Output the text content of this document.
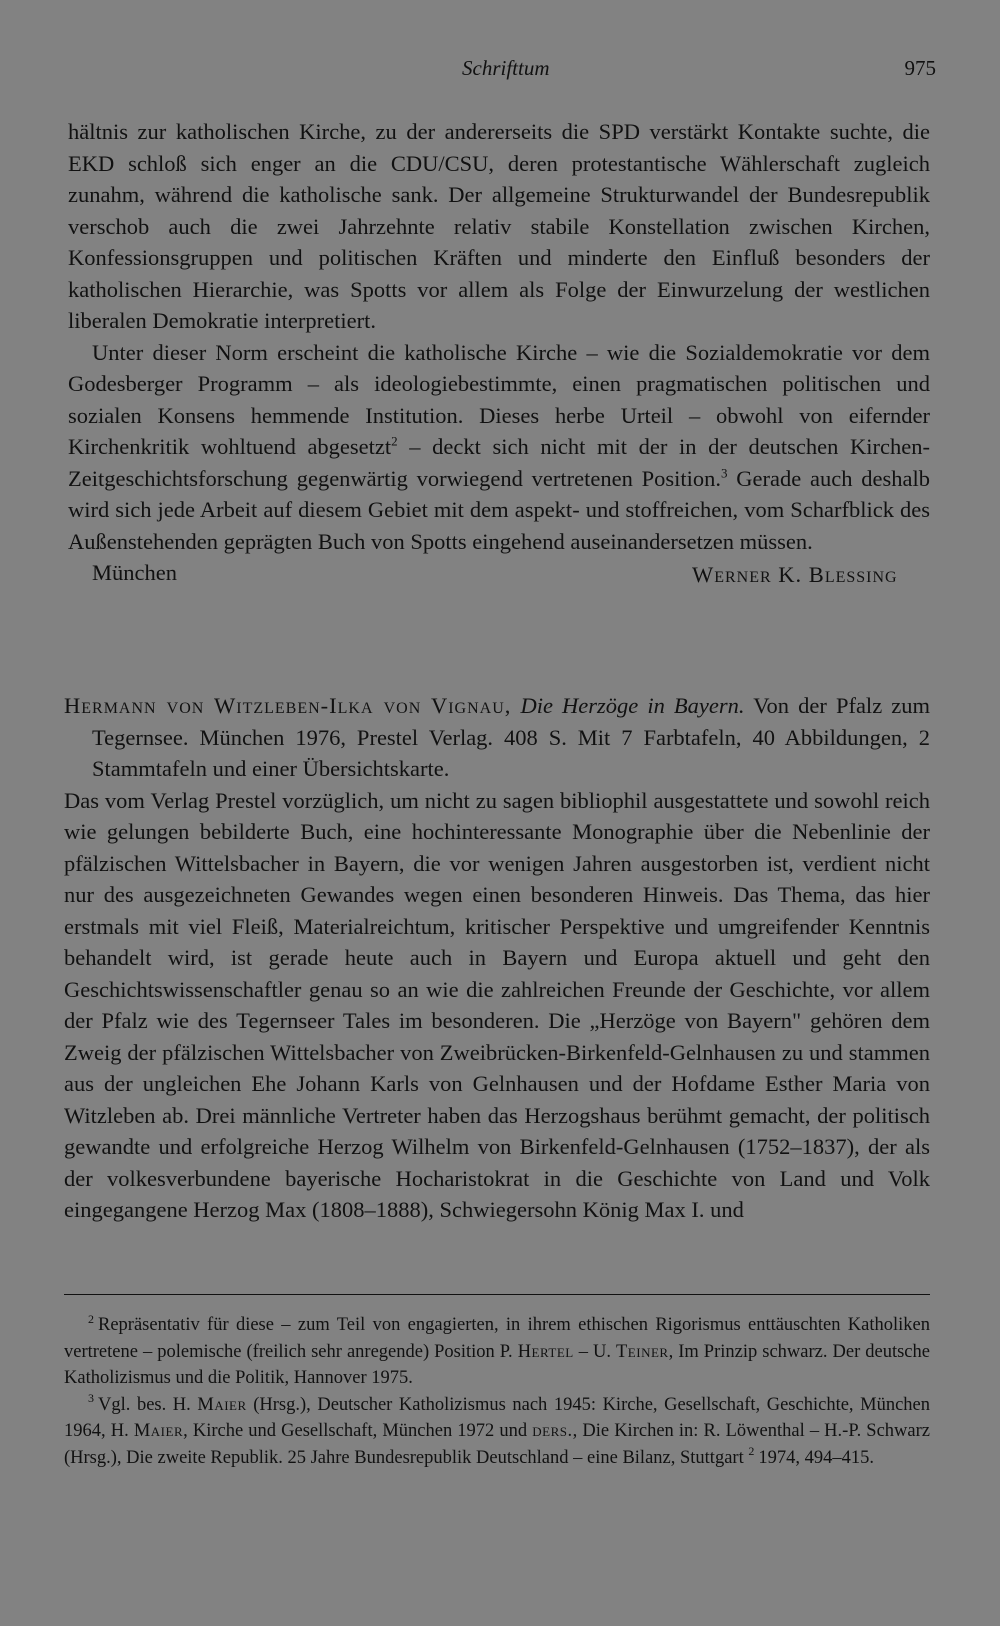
Schrifttum	975

hältnis zur katholischen Kirche, zu der andererseits die SPD verstärkt Kontakte suchte, die EKD schloß sich enger an die CDU/CSU, deren protestantische Wählerschaft zugleich zunahm, während die katholische sank. Der allgemeine Strukturwandel der Bundesrepublik verschob auch die zwei Jahrzehnte relativ stabile Konstellation zwischen Kirchen, Konfessionsgruppen und politischen Kräften und minderte den Einfluß besonders der katholischen Hierarchie, was Spotts vor allem als Folge der Einwurzelung der westlichen liberalen Demokratie interpretiert.

Unter dieser Norm erscheint die katholische Kirche – wie die Sozialdemokratie vor dem Godesberger Programm – als ideologiebestimmte, einen pragmatischen politischen und sozialen Konsens hemmende Institution. Dieses herbe Urteil – obwohl von eifernder Kirchenkritik wohltuend abgesetzt$^2$ – deckt sich nicht mit der in der deutschen Kirchen-Zeitgeschichtsforschung gegenwärtig vorwiegend vertretenen Position.$^3$ Gerade auch deshalb wird sich jede Arbeit auf diesem Gebiet mit dem aspekt- und stoffreichen, vom Scharfblick des Außenstehenden geprägten Buch von Spotts eingehend auseinandersetzen müssen.

München	Werner K. Blessing

Hermann von Witzleben-Ilka von Vignau, Die Herzöge in Bayern. Von der Pfalz zum Tegernsee. München 1976, Prestel Verlag. 408 S. Mit 7 Farbtafeln, 40 Abbildungen, 2 Stammtafeln und einer Übersichtskarte.

Das vom Verlag Prestel vorzüglich, um nicht zu sagen bibliophil ausgestattete und sowohl reich wie gelungen bebilderte Buch, eine hochinteressante Monographie über die Nebenlinie der pfälzischen Wittelsbacher in Bayern, die vor wenigen Jahren ausgestorben ist, verdient nicht nur des ausgezeichneten Gewandes wegen einen besonderen Hinweis. Das Thema, das hier erstmals mit viel Fleiß, Materialreichtum, kritischer Perspektive und umgreifender Kenntnis behandelt wird, ist gerade heute auch in Bayern und Europa aktuell und geht den Geschichtswissenschaftler genau so an wie die zahlreichen Freunde der Geschichte, vor allem der Pfalz wie des Tegernseer Tales im besonderen. Die „Herzöge von Bayern" gehören dem Zweig der pfälzischen Wittelsbacher von Zweibrücken-Birkenfeld-Gelnhausen zu und stammen aus der ungleichen Ehe Johann Karls von Gelnhausen und der Hofdame Esther Maria von Witzleben ab. Drei männliche Vertreter haben das Herzogshaus berühmt gemacht, der politisch gewandte und erfolgreiche Herzog Wilhelm von Birkenfeld-Gelnhausen (1752–1837), der als der volkesverbundene bayerische Hocharistokrat in die Geschichte von Land und Volk eingegangene Herzog Max (1808–1888), Schwiegersohn König Max I. und

$^2$ Repräsentativ für diese – zum Teil von engagierten, in ihrem ethischen Rigorismus enttäuschten Katholiken vertretene – polemische (freilich sehr anregende) Position P. Hertel – U. Teiner, Im Prinzip schwarz. Der deutsche Katholizismus und die Politik, Hannover 1975.

$^3$ Vgl. bes. H. Maier (Hrsg.), Deutscher Katholizismus nach 1945: Kirche, Gesellschaft, Geschichte, München 1964, H. Maier, Kirche und Gesellschaft, München 1972 und ders., Die Kirchen in: R. Löwenthal – H.-P. Schwarz (Hrsg.), Die zweite Republik. 25 Jahre Bundesrepublik Deutschland – eine Bilanz, Stuttgart $^2$ 1974, 494–415.
